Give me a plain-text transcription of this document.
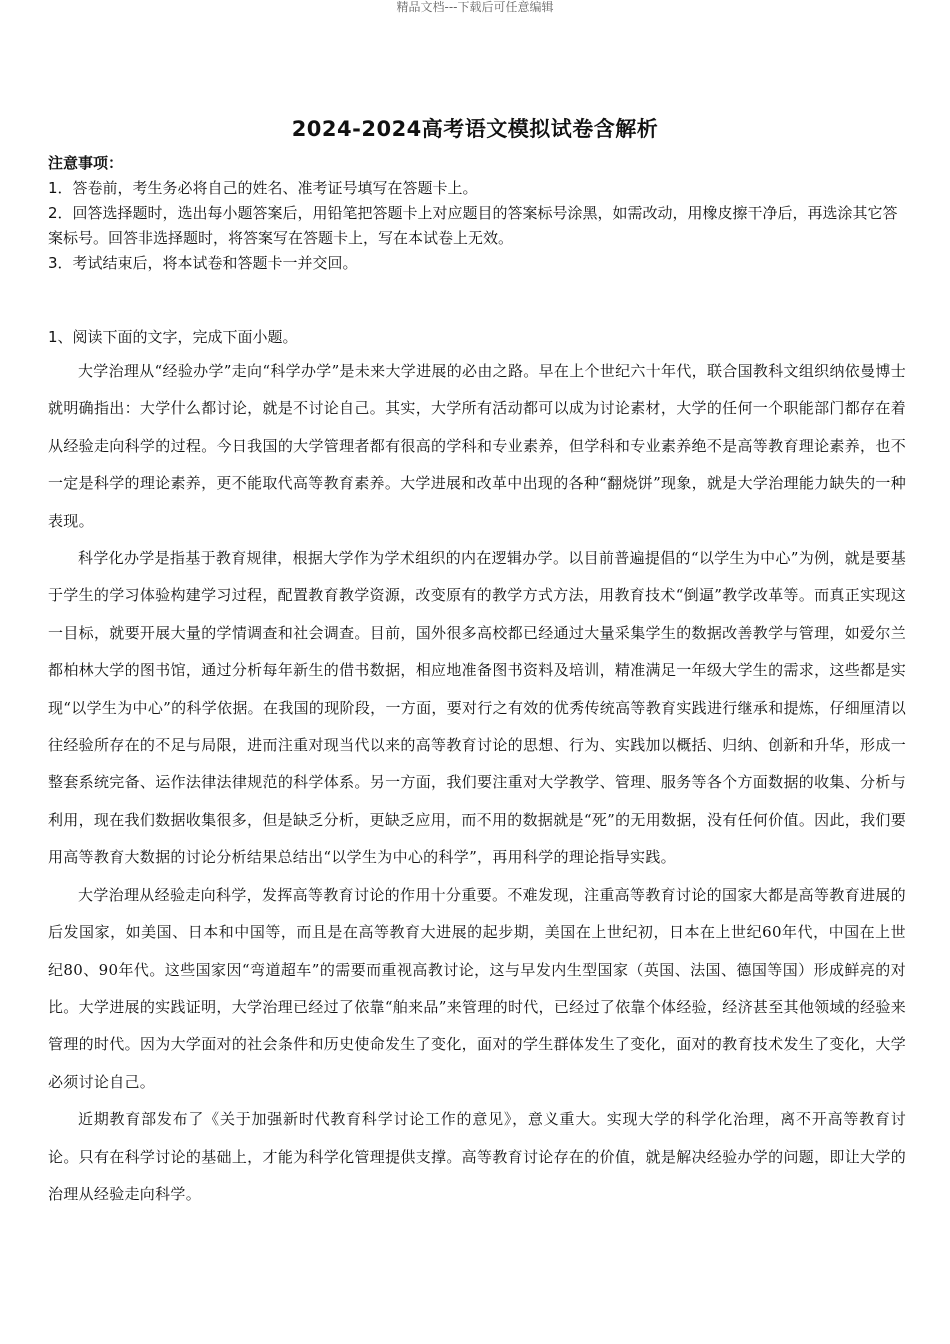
精品文档---下载后可任意编辑
2024-2024高考语文模拟试卷含解析

注意事项：

1．答卷前，考生务必将自己的姓名、准考证号填写在答题卡上。

2．回答选择题时，选出每小题答案后，用铅笔把答题卡上对应题目的答案标号涂黑，如需改动，用橡皮擦干净后，再选涂其它答案标号。回答非选择题时，将答案写在答题卡上，写在本试卷上无效。

3．考试结束后，将本试卷和答题卡一并交回。

1、阅读下面的文字，完成下面小题。

大学治理从“经验办学”走向“科学办学”是未来大学进展的必由之路。早在上个世纪六十年代，联合国教科文组织纳依曼博士就明确指出：大学什么都讨论，就是不讨论自己。其实，大学所有活动都可以成为讨论素材，大学的任何一个职能部门都存在着从经验走向科学的过程。今日我国的大学管理者都有很高的学科和专业素养，但学科和专业素养绝不是高等教育理论素养，也不一定是科学的理论素养，更不能取代高等教育素养。大学进展和改革中出现的各种“翻烧饼”现象，就是大学治理能力缺失的一种表现。

科学化办学是指基于教育规律，根据大学作为学术组织的内在逻辑办学。以目前普遍提倡的“以学生为中心”为例，就是要基于学生的学习体验构建学习过程，配置教育教学资源，改变原有的教学方式方法，用教育技术“倒逼”教学改革等。而真正实现这一目标，就要开展大量的学情调查和社会调查。目前，国外很多高校都已经通过大量采集学生的数据改善教学与管理，如爱尔兰都柏林大学的图书馆，通过分析每年新生的借书数据，相应地准备图书资料及培训，精准满足一年级大学生的需求，这些都是实现“以学生为中心”的科学依据。在我国的现阶段，一方面，要对行之有效的优秀传统高等教育实践进行继承和提炼，仔细厘清以往经验所存在的不足与局限，进而注重对现当代以来的高等教育讨论的思想、行为、实践加以概括、归纳、创新和升华，形成一整套系统完备、运作法律法律规范的科学体系。另一方面，我们要注重对大学教学、管理、服务等各个方面数据的收集、分析与利用，现在我们数据收集很多，但是缺乏分析，更缺乏应用，而不用的数据就是“死”的无用数据，没有任何价值。因此，我们要用高等教育大数据的讨论分析结果总结出“以学生为中心的科学”，再用科学的理论指导实践。

大学治理从经验走向科学，发挥高等教育讨论的作用十分重要。不难发现，注重高等教育讨论的国家大都是高等教育进展的后发国家，如美国、日本和中国等，而且是在高等教育大进展的起步期，美国在上世纪初，日本在上世纪60年代，中国在上世纪80、90年代。这些国家因“弯道超车”的需要而重视高教讨论，这与早发内生型国家（英国、法国、德国等国）形成鲜亮的对比。大学进展的实践证明，大学治理已经过了依靠“舶来品”来管理的时代，已经过了依靠个体经验，经济甚至其他领域的经验来管理的时代。因为大学面对的社会条件和历史使命发生了变化，面对的学生群体发生了变化，面对的教育技术发生了变化，大学必须讨论自己。

近期教育部发布了《关于加强新时代教育科学讨论工作的意见》，意义重大。实现大学的科学化治理，离不开高等教育讨论。只有在科学讨论的基础上，才能为科学化管理提供支撑。高等教育讨论存在的价值，就是解决经验办学的问题，即让大学的治理从经验走向科学。
